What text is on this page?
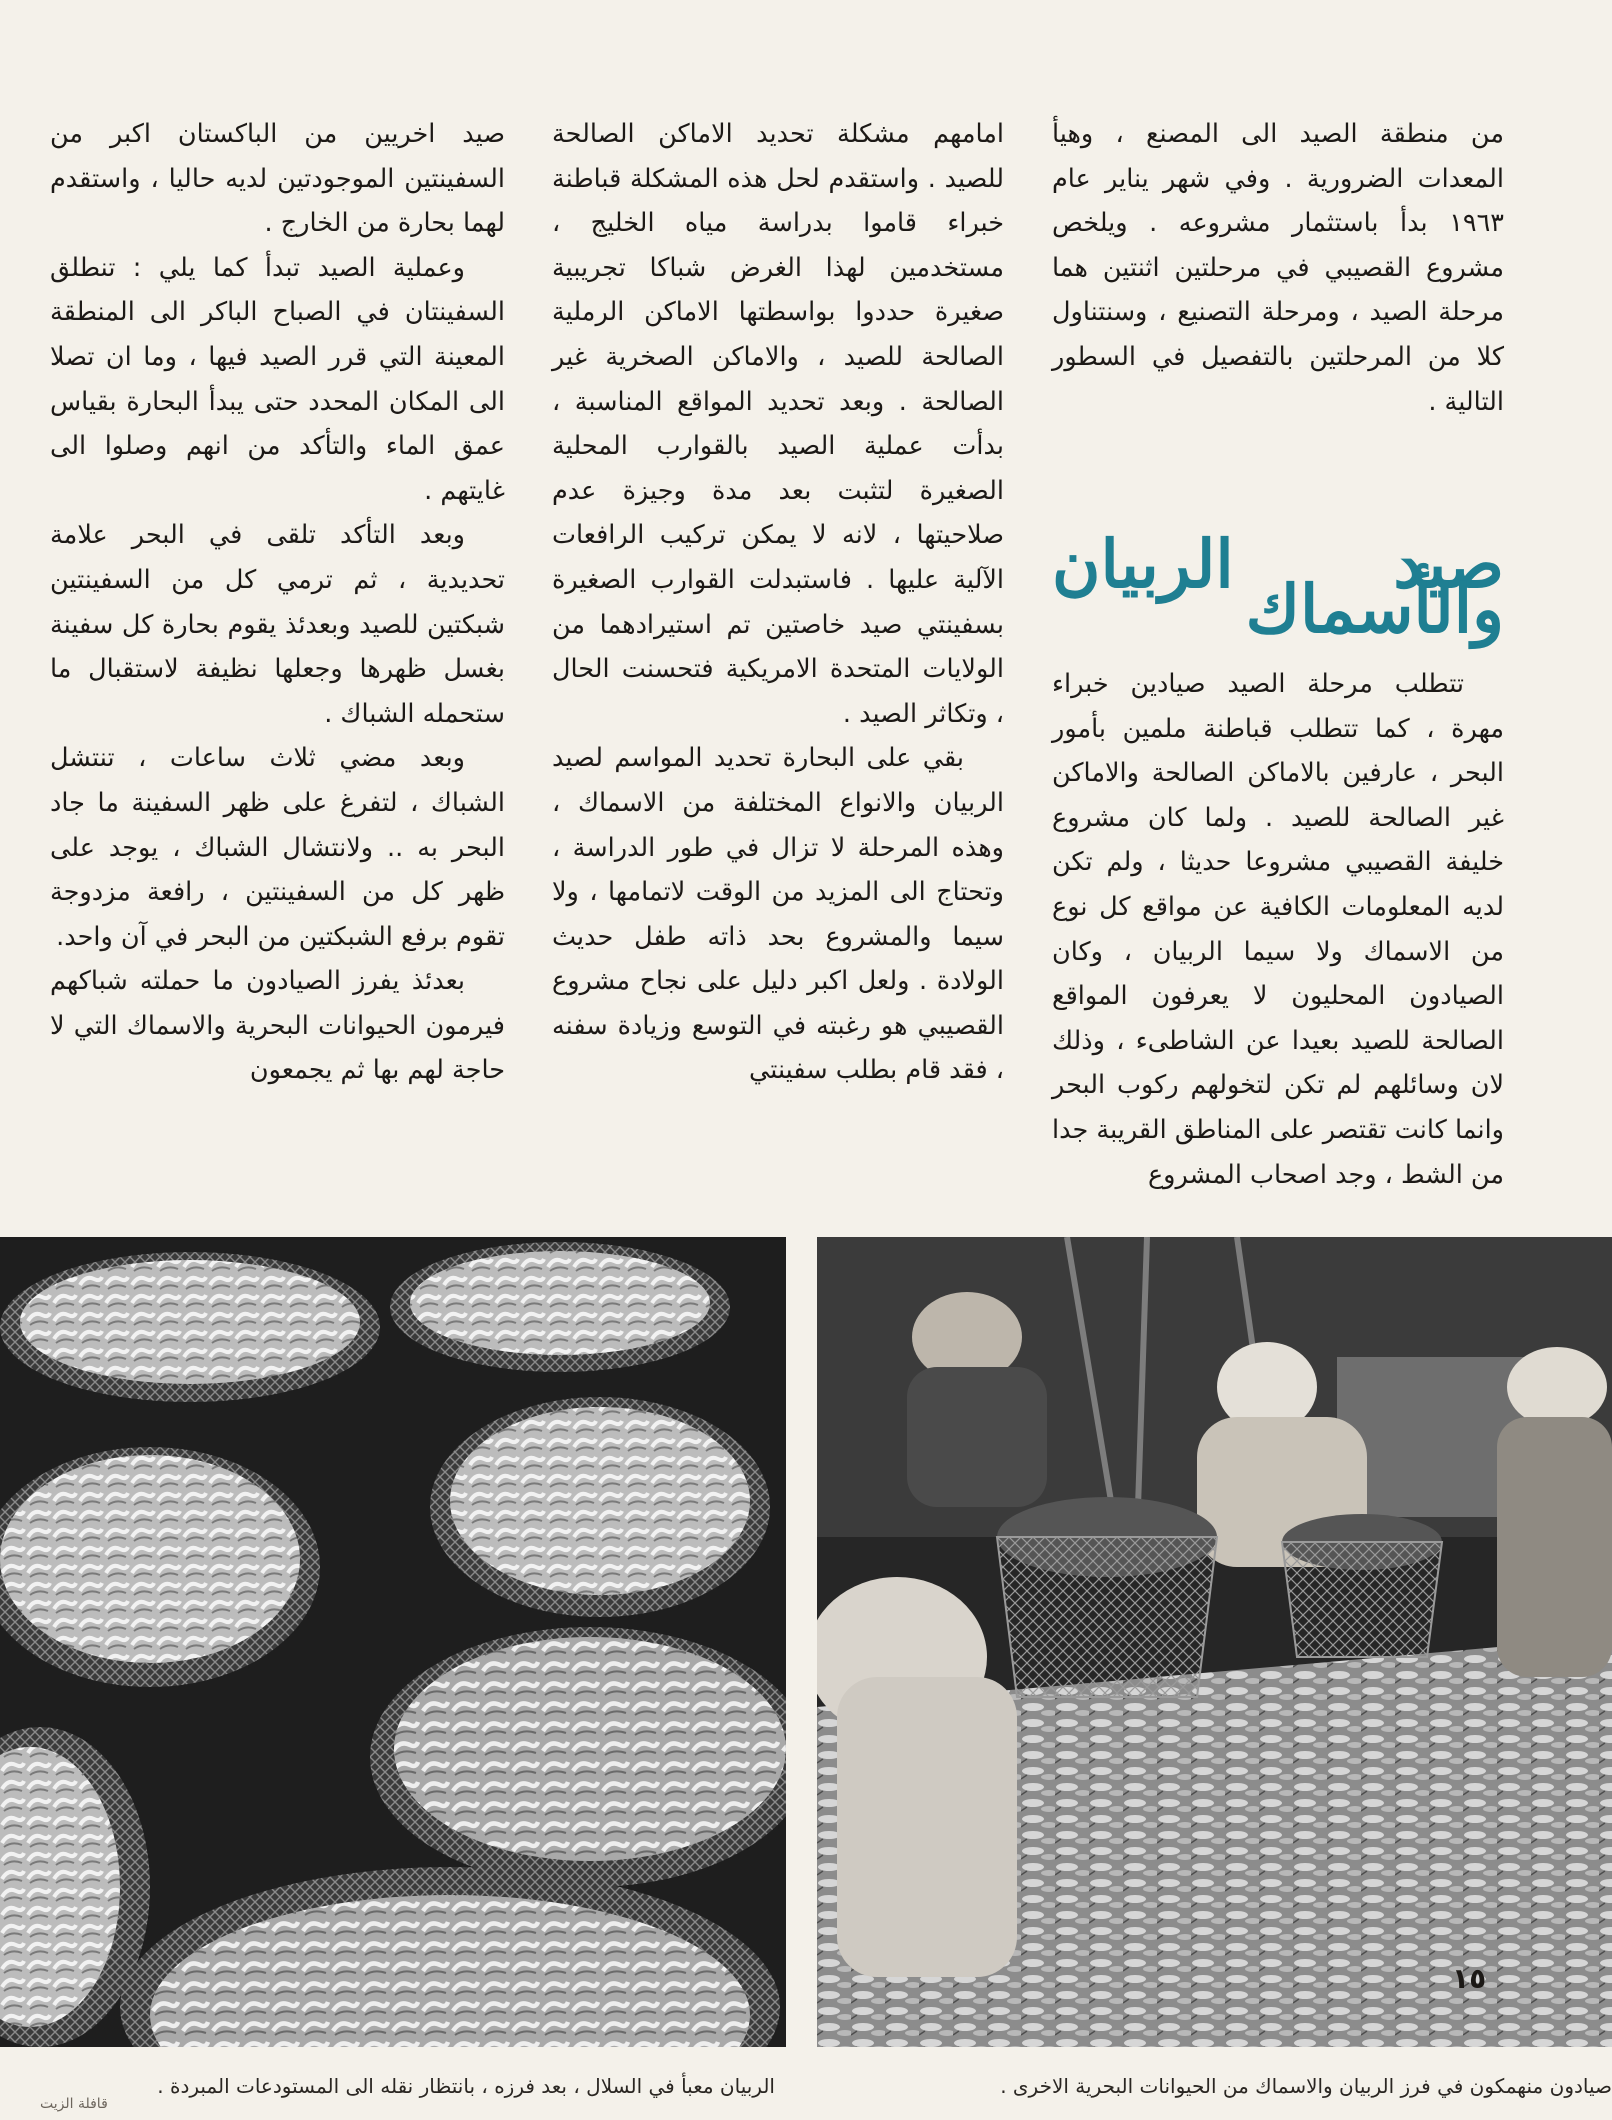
من منطقة الصيد الى المصنع ، وهيأ المعدات الضرورية . وفي شهر يناير عام ١٩٦٣ بدأ باستثمار مشروعه . ويلخص مشروع القصيبي في مرحلتين اثنتين هما مرحلة الصيد ، ومرحلة التصنيع ، وسنتناول كلا من المرحلتين بالتفصيل في السطور التالية .

صيد الربيان والأسماك

تتطلب مرحلة الصيد صيادين خبراء مهرة ، كما تتطلب قباطنة ملمين بأمور البحر ، عارفين بالاماكن الصالحة والاماكن غير الصالحة للصيد . ولما كان مشروع خليفة القصيبي مشروعا حديثا ، ولم تكن لديه المعلومات الكافية عن مواقع كل نوع من الاسماك ولا سيما الربيان ، وكان الصيادون المحليون لا يعرفون المواقع الصالحة للصيد بعيدا عن الشاطىء ، وذلك لان وسائلهم لم تكن لتخولهم ركوب البحر وانما كانت تقتصر على المناطق القريبة جدا من الشط ، وجد اصحاب المشروع

امامهم مشكلة تحديد الاماكن الصالحة للصيد . واستقدم لحل هذه المشكلة قباطنة خبراء قاموا بدراسة مياه الخليج ، مستخدمين لهذا الغرض شباكا تجريبية صغيرة حددوا بواسطتها الاماكن الرملية الصالحة للصيد ، والاماكن الصخرية غير الصالحة . وبعد تحديد المواقع المناسبة ، بدأت عملية الصيد بالقوارب المحلية الصغيرة لتثبت بعد مدة وجيزة عدم صلاحيتها ، لانه لا يمكن تركيب الرافعات الآلية عليها . فاستبدلت القوارب الصغيرة بسفينتي صيد خاصتين تم استيرادهما من الولايات المتحدة الامريكية فتحسنت الحال ، وتكاثر الصيد .

بقي على البحارة تحديد المواسم لصيد الربيان والانواع المختلفة من الاسماك ، وهذه المرحلة لا تزال في طور الدراسة ، وتحتاج الى المزيد من الوقت لاتمامها ، ولا سيما والمشروع بحد ذاته طفل حديث الولادة . ولعل اكبر دليل على نجاح مشروع القصيبي هو رغبته في التوسع وزيادة سفنه ، فقد قام بطلب سفينتي

صيد اخريين من الباكستان اكبر من السفينتين الموجودتين لديه حاليا ، واستقدم لهما بحارة من الخارج .

وعملية الصيد تبدأ كما يلي : تنطلق السفينتان في الصباح الباكر الى المنطقة المعينة التي قرر الصيد فيها ، وما ان تصلا الى المكان المحدد حتى يبدأ البحارة بقياس عمق الماء والتأكد من انهم وصلوا الى غايتهم .

وبعد التأكد تلقى في البحر علامة تحديدية ، ثم ترمي كل من السفينتين شبكتين للصيد وبعدئذ يقوم بحارة كل سفينة بغسل ظهرها وجعلها نظيفة لاستقبال ما ستحمله الشباك .

وبعد مضي ثلاث ساعات ، تنتشل الشباك ، لتفرغ على ظهر السفينة ما جاد البحر به .. ولانتشال الشباك ، يوجد على ظهر كل من السفينتين ، رافعة مزدوجة تقوم برفع الشبكتين من البحر في آن واحد.

بعدئذ يفرز الصيادون ما حملته شباكهم فيرمون الحيوانات البحرية والاسماك التي لا حاجة لهم بها ثم يجمعون

صيادون منهمكون في فرز الربيان والاسماك من الحيوانات البحرية الاخرى .
الربيان معبأ في السلال ، بعد فرزه ، بانتظار نقله الى المستودعات المبردة .
١٥
قافلة الزيت
